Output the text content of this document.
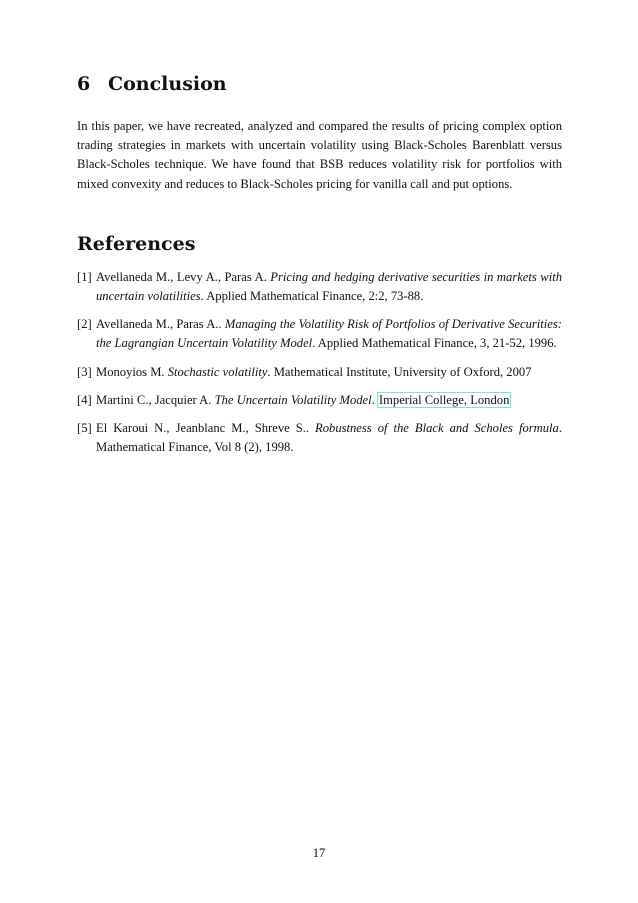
6 Conclusion

In this paper, we have recreated, analyzed and compared the results of pricing complex option trading strategies in markets with uncertain volatility using Black-Scholes Barenblatt versus Black-Scholes technique. We have found that BSB reduces volatility risk for portfolios with mixed convexity and reduces to Black-Scholes pricing for vanilla call and put options.

References
[1] Avellaneda M., Levy A., Paras A. Pricing and hedging derivative securities in markets with uncertain volatilities. Applied Mathematical Finance, 2:2, 73-88.
[2] Avellaneda M., Paras A.. Managing the Volatility Risk of Portfolios of Derivative Securities: the Lagrangian Uncertain Volatility Model. Applied Mathematical Finance, 3, 21-52, 1996.
[3] Monoyios M. Stochastic volatility. Mathematical Institute, University of Oxford, 2007
[4] Martini C., Jacquier A. The Uncertain Volatility Model. Imperial College, London
[5] El Karoui N., Jeanblanc M., Shreve S.. Robustness of the Black and Scholes formula. Mathematical Finance, Vol 8 (2), 1998.
17
